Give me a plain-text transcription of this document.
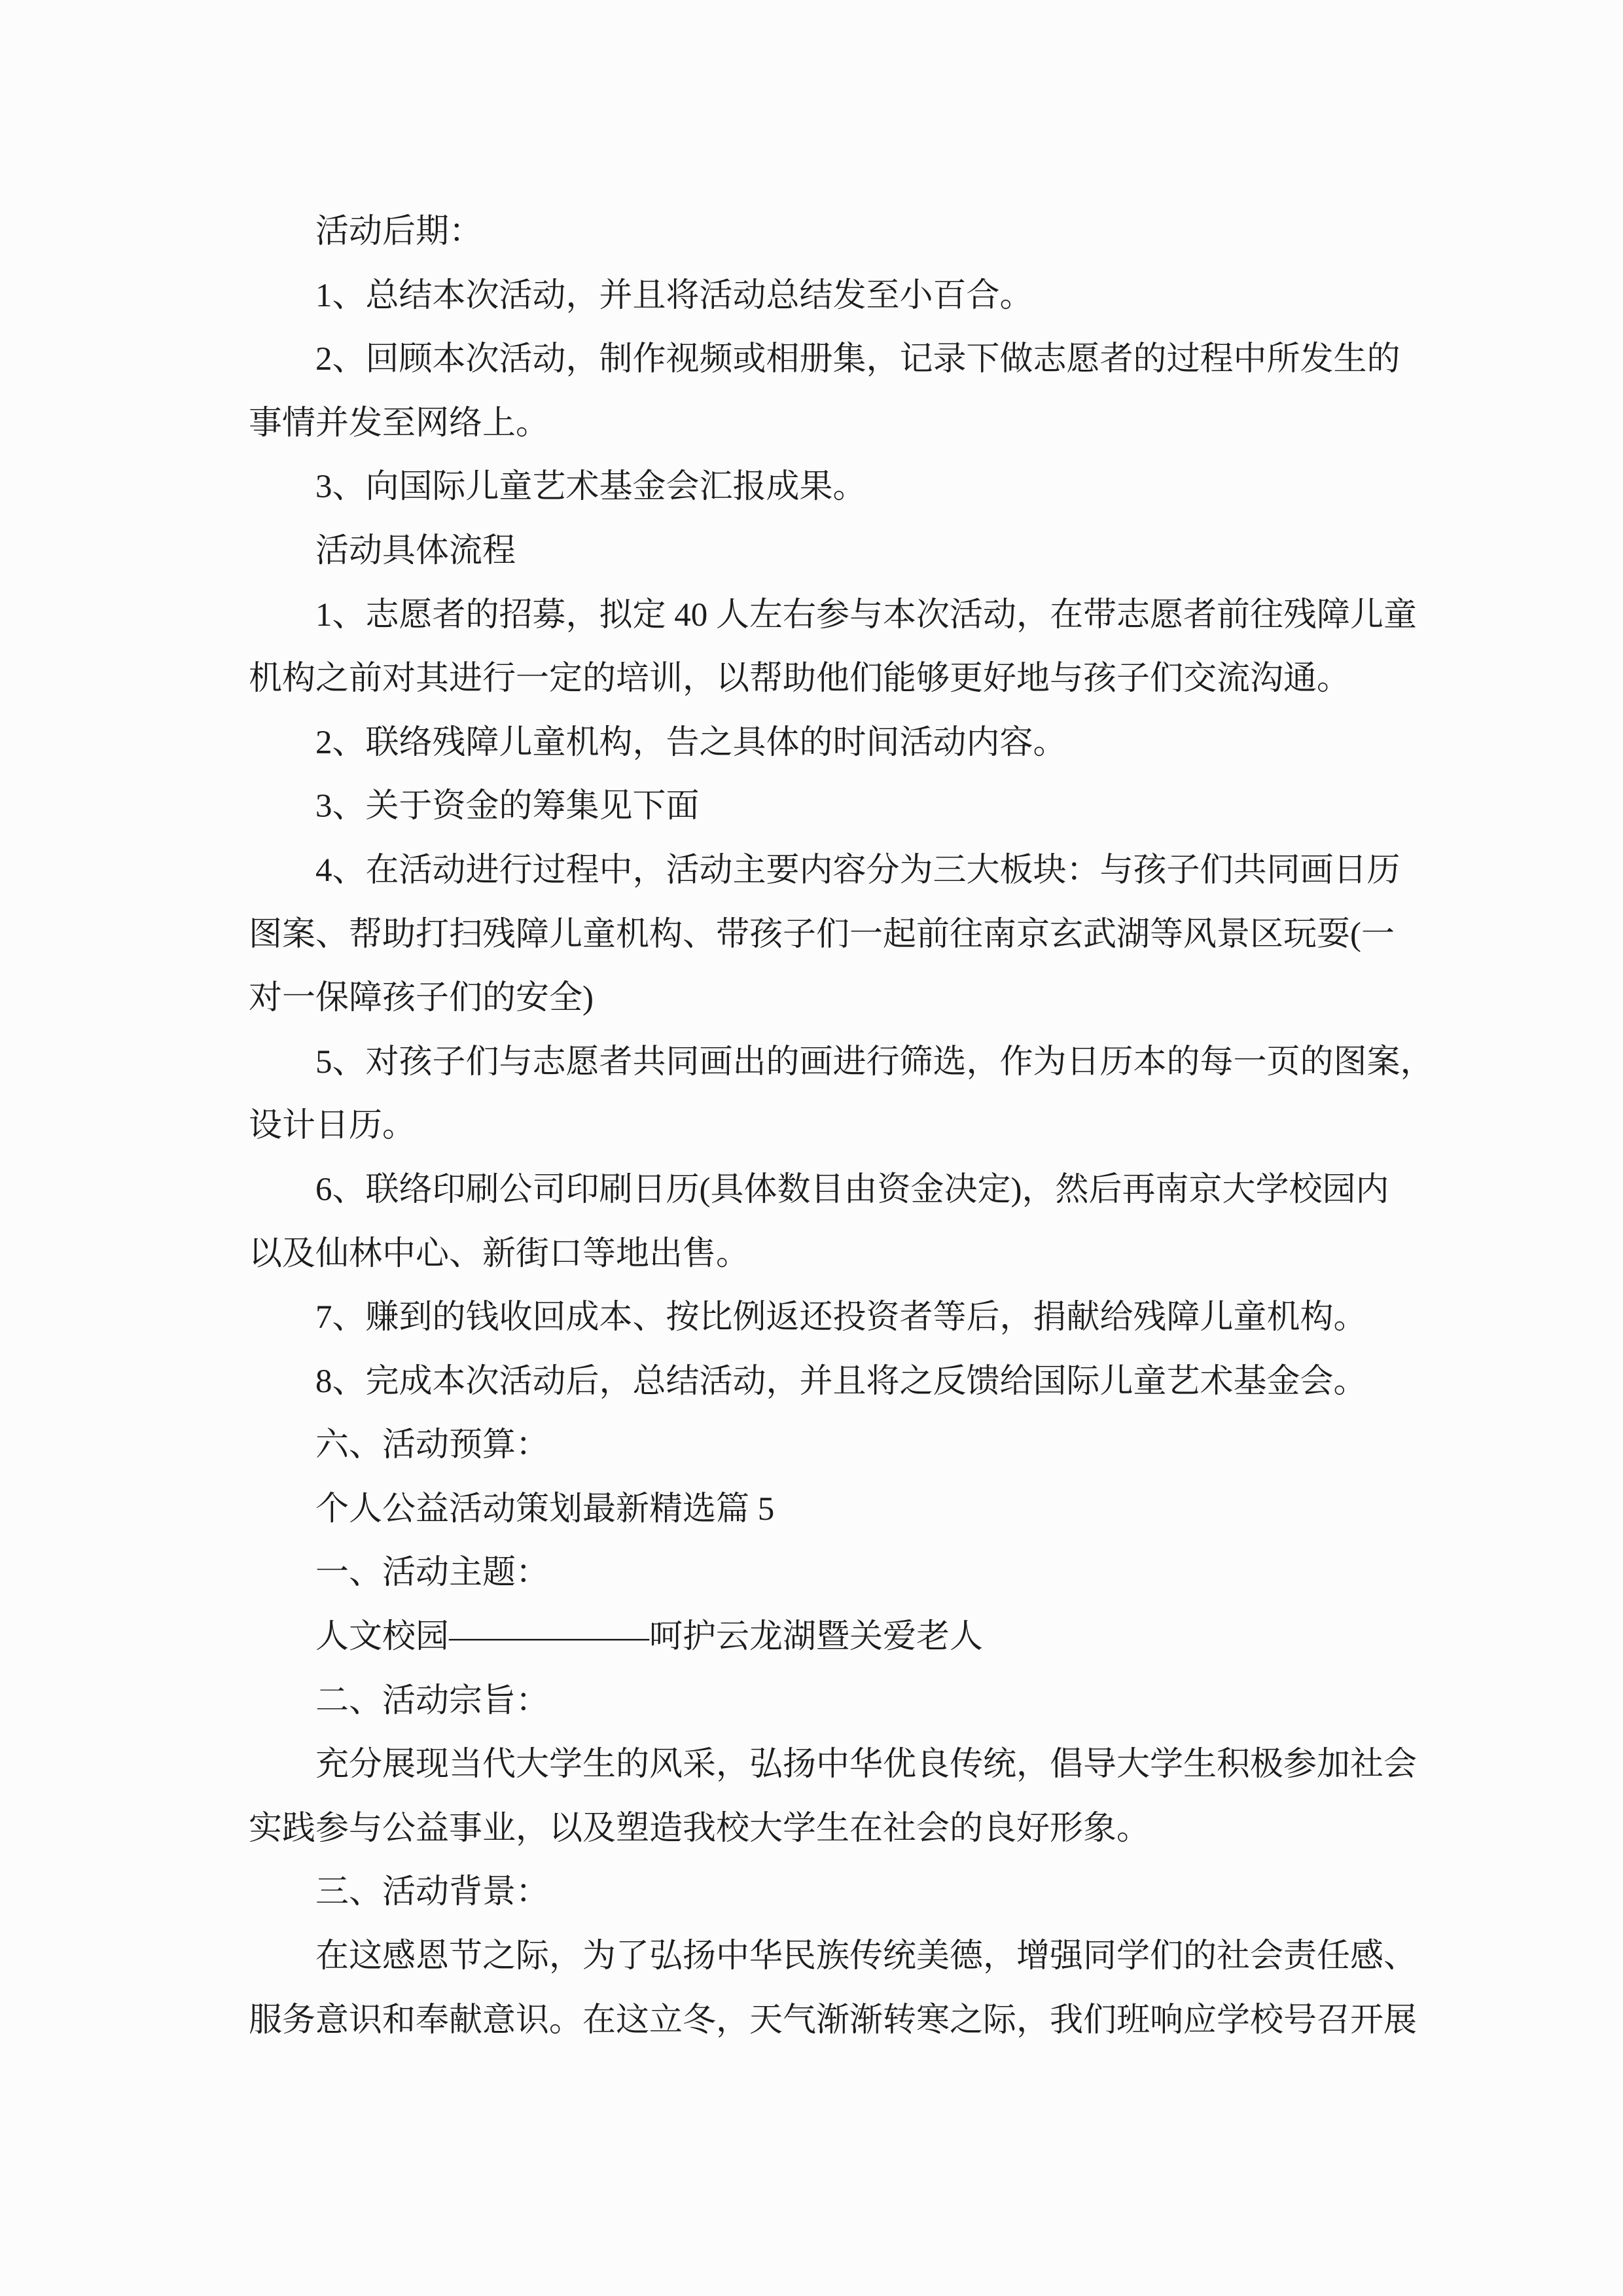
活动后期：
1、总结本次活动，并且将活动总结发至小百合。
2、回顾本次活动，制作视频或相册集，记录下做志愿者的过程中所发生的
事情并发至网络上。
3、向国际儿童艺术基金会汇报成果。
活动具体流程
1、志愿者的招募，拟定 40 人左右参与本次活动，在带志愿者前往残障儿童
机构之前对其进行一定的培训，以帮助他们能够更好地与孩子们交流沟通。
2、联络残障儿童机构，告之具体的时间活动内容。
3、关于资金的筹集见下面
4、在活动进行过程中，活动主要内容分为三大板块：与孩子们共同画日历
图案、帮助打扫残障儿童机构、带孩子们一起前往南京玄武湖等风景区玩耍(一
对一保障孩子们的安全)
5、对孩子们与志愿者共同画出的画进行筛选，作为日历本的每一页的图案，
设计日历。
6、联络印刷公司印刷日历(具体数目由资金决定)，然后再南京大学校园内
以及仙林中心、新街口等地出售。
7、赚到的钱收回成本、按比例返还投资者等后，捐献给残障儿童机构。
8、完成本次活动后，总结活动，并且将之反馈给国际儿童艺术基金会。
六、活动预算：
个人公益活动策划最新精选篇 5
一、活动主题：
人文校园——————呵护云龙湖暨关爱老人
二、活动宗旨：
充分展现当代大学生的风采，弘扬中华优良传统，倡导大学生积极参加社会
实践参与公益事业，以及塑造我校大学生在社会的良好形象。
三、活动背景：
在这感恩节之际，为了弘扬中华民族传统美德，增强同学们的社会责任感、
服务意识和奉献意识。在这立冬，天气渐渐转寒之际，我们班响应学校号召开展
